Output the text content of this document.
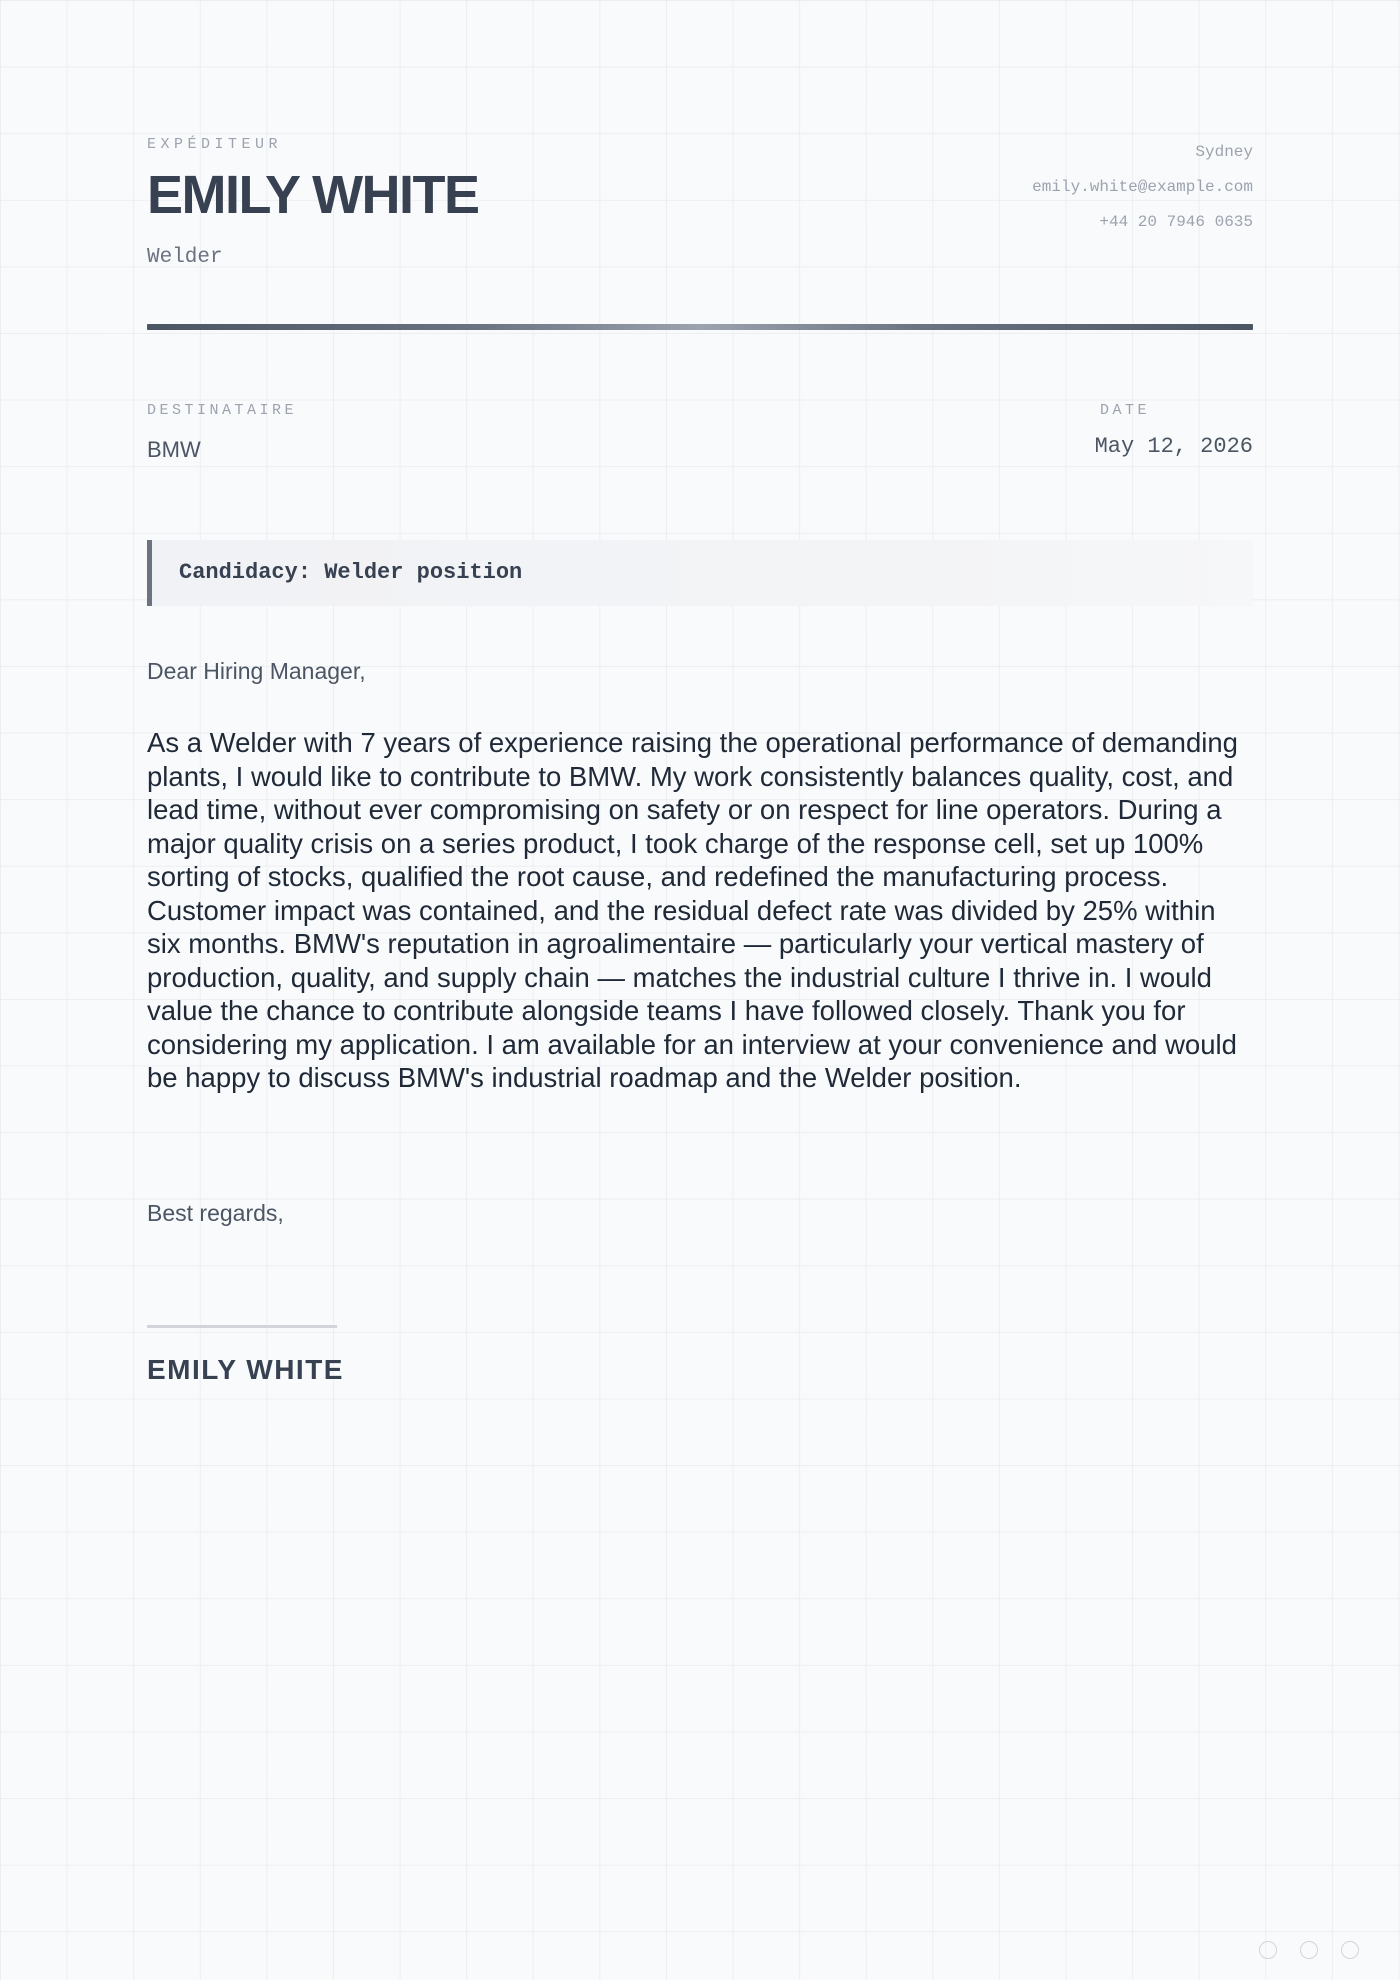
EXPÉDITEUR
EMILY WHITE
Welder
Sydney
emily.white@example.com
+44 20 7946 0635
DESTINATAIRE
BMW
DATE
May 12, 2026
Candidacy: Welder position
Dear Hiring Manager,

As a Welder with 7 years of experience raising the operational performance of demanding plants, I would like to contribute to BMW. My work consistently balances quality, cost, and lead time, without ever compromising on safety or on respect for line operators. During a major quality crisis on a series product, I took charge of the response cell, set up 100% sorting of stocks, qualified the root cause, and redefined the manufacturing process. Customer impact was contained, and the residual defect rate was divided by 25% within six months. BMW's reputation in agroalimentaire — particularly your vertical mastery of production, quality, and supply chain — matches the industrial culture I thrive in. I would value the chance to contribute alongside teams I have followed closely. Thank you for considering my application. I am available for an interview at your convenience and would be happy to discuss BMW's industrial roadmap and the Welder position.

Best regards,
EMILY WHITE
